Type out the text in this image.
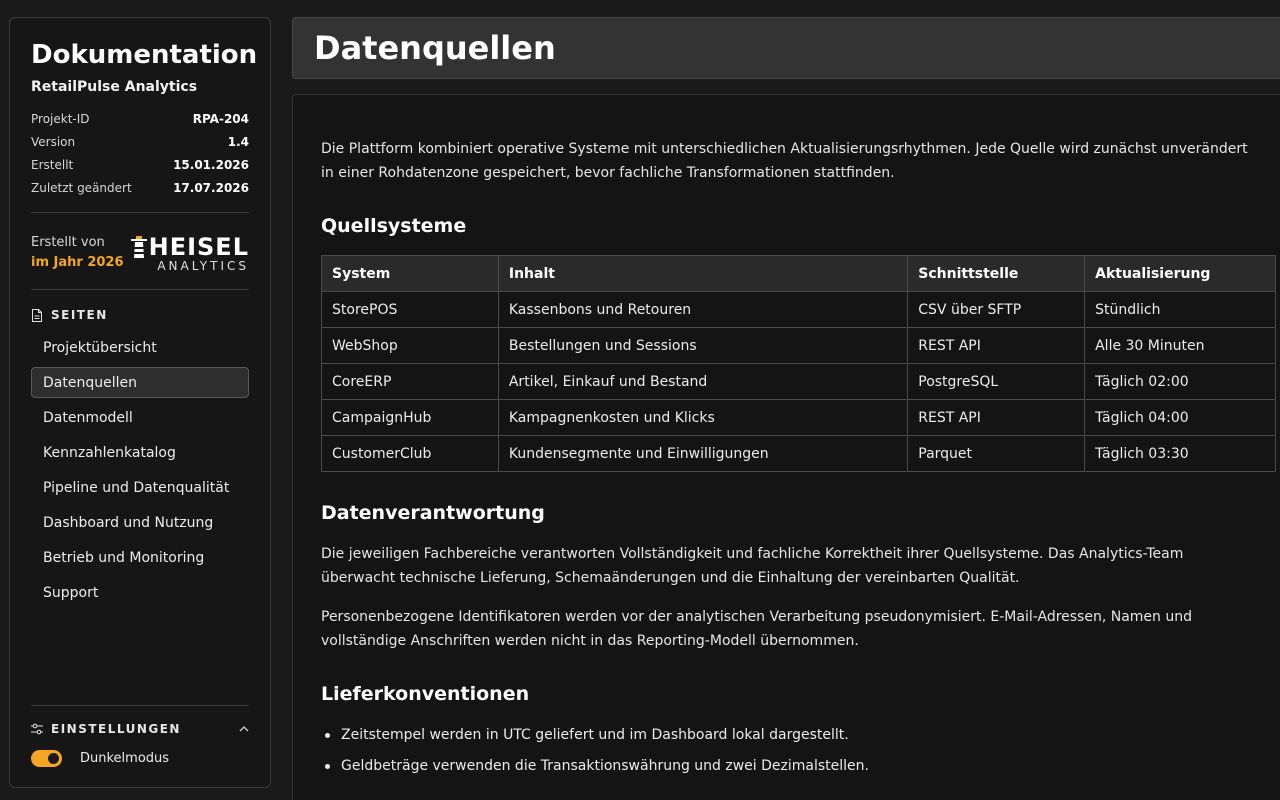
Dokumentation
RetailPulse Analytics
Projekt-ID	RPA-204
Version	1.4
Erstellt	15.01.2026
Zuletzt geändert	17.07.2026
Erstellt von
im Jahr 2026
HEISEL
ANALYTICS
SEITEN
Projektübersicht
Datenquellen
Datenmodell
Kennzahlenkatalog
Pipeline und Datenqualität
Dashboard und Nutzung
Betrieb und Monitoring
Support
EINSTELLUNGEN
Dunkelmodus
Datenquellen

Die Plattform kombiniert operative Systeme mit unterschiedlichen Aktualisierungsrhythmen. Jede Quelle wird zunächst unverändert in einer Rohdatenzone gespeichert, bevor fachliche Transformationen stattfinden.

Quellsysteme
System	Inhalt	Schnittstelle	Aktualisierung
StorePOS	Kassenbons und Retouren	CSV über SFTP	Stündlich
WebShop	Bestellungen und Sessions	REST API	Alle 30 Minuten
CoreERP	Artikel, Einkauf und Bestand	PostgreSQL	Täglich 02:00
CampaignHub	Kampagnenkosten und Klicks	REST API	Täglich 04:00
CustomerClub	Kundensegmente und Einwilligungen	Parquet	Täglich 03:30
Datenverantwortung

Die jeweiligen Fachbereiche verantworten Vollständigkeit und fachliche Korrektheit ihrer Quellsysteme. Das Analytics-Team überwacht technische Lieferung, Schemaänderungen und die Einhaltung der vereinbarten Qualität.

Personenbezogene Identifikatoren werden vor der analytischen Verarbeitung pseudonymisiert. E-Mail-Adressen, Namen und vollständige Anschriften werden nicht in das Reporting-Modell übernommen.

Lieferkonventionen
Zeitstempel werden in UTC geliefert und im Dashboard lokal dargestellt.
Geldbeträge verwenden die Transaktionswährung und zwei Dezimalstellen.
